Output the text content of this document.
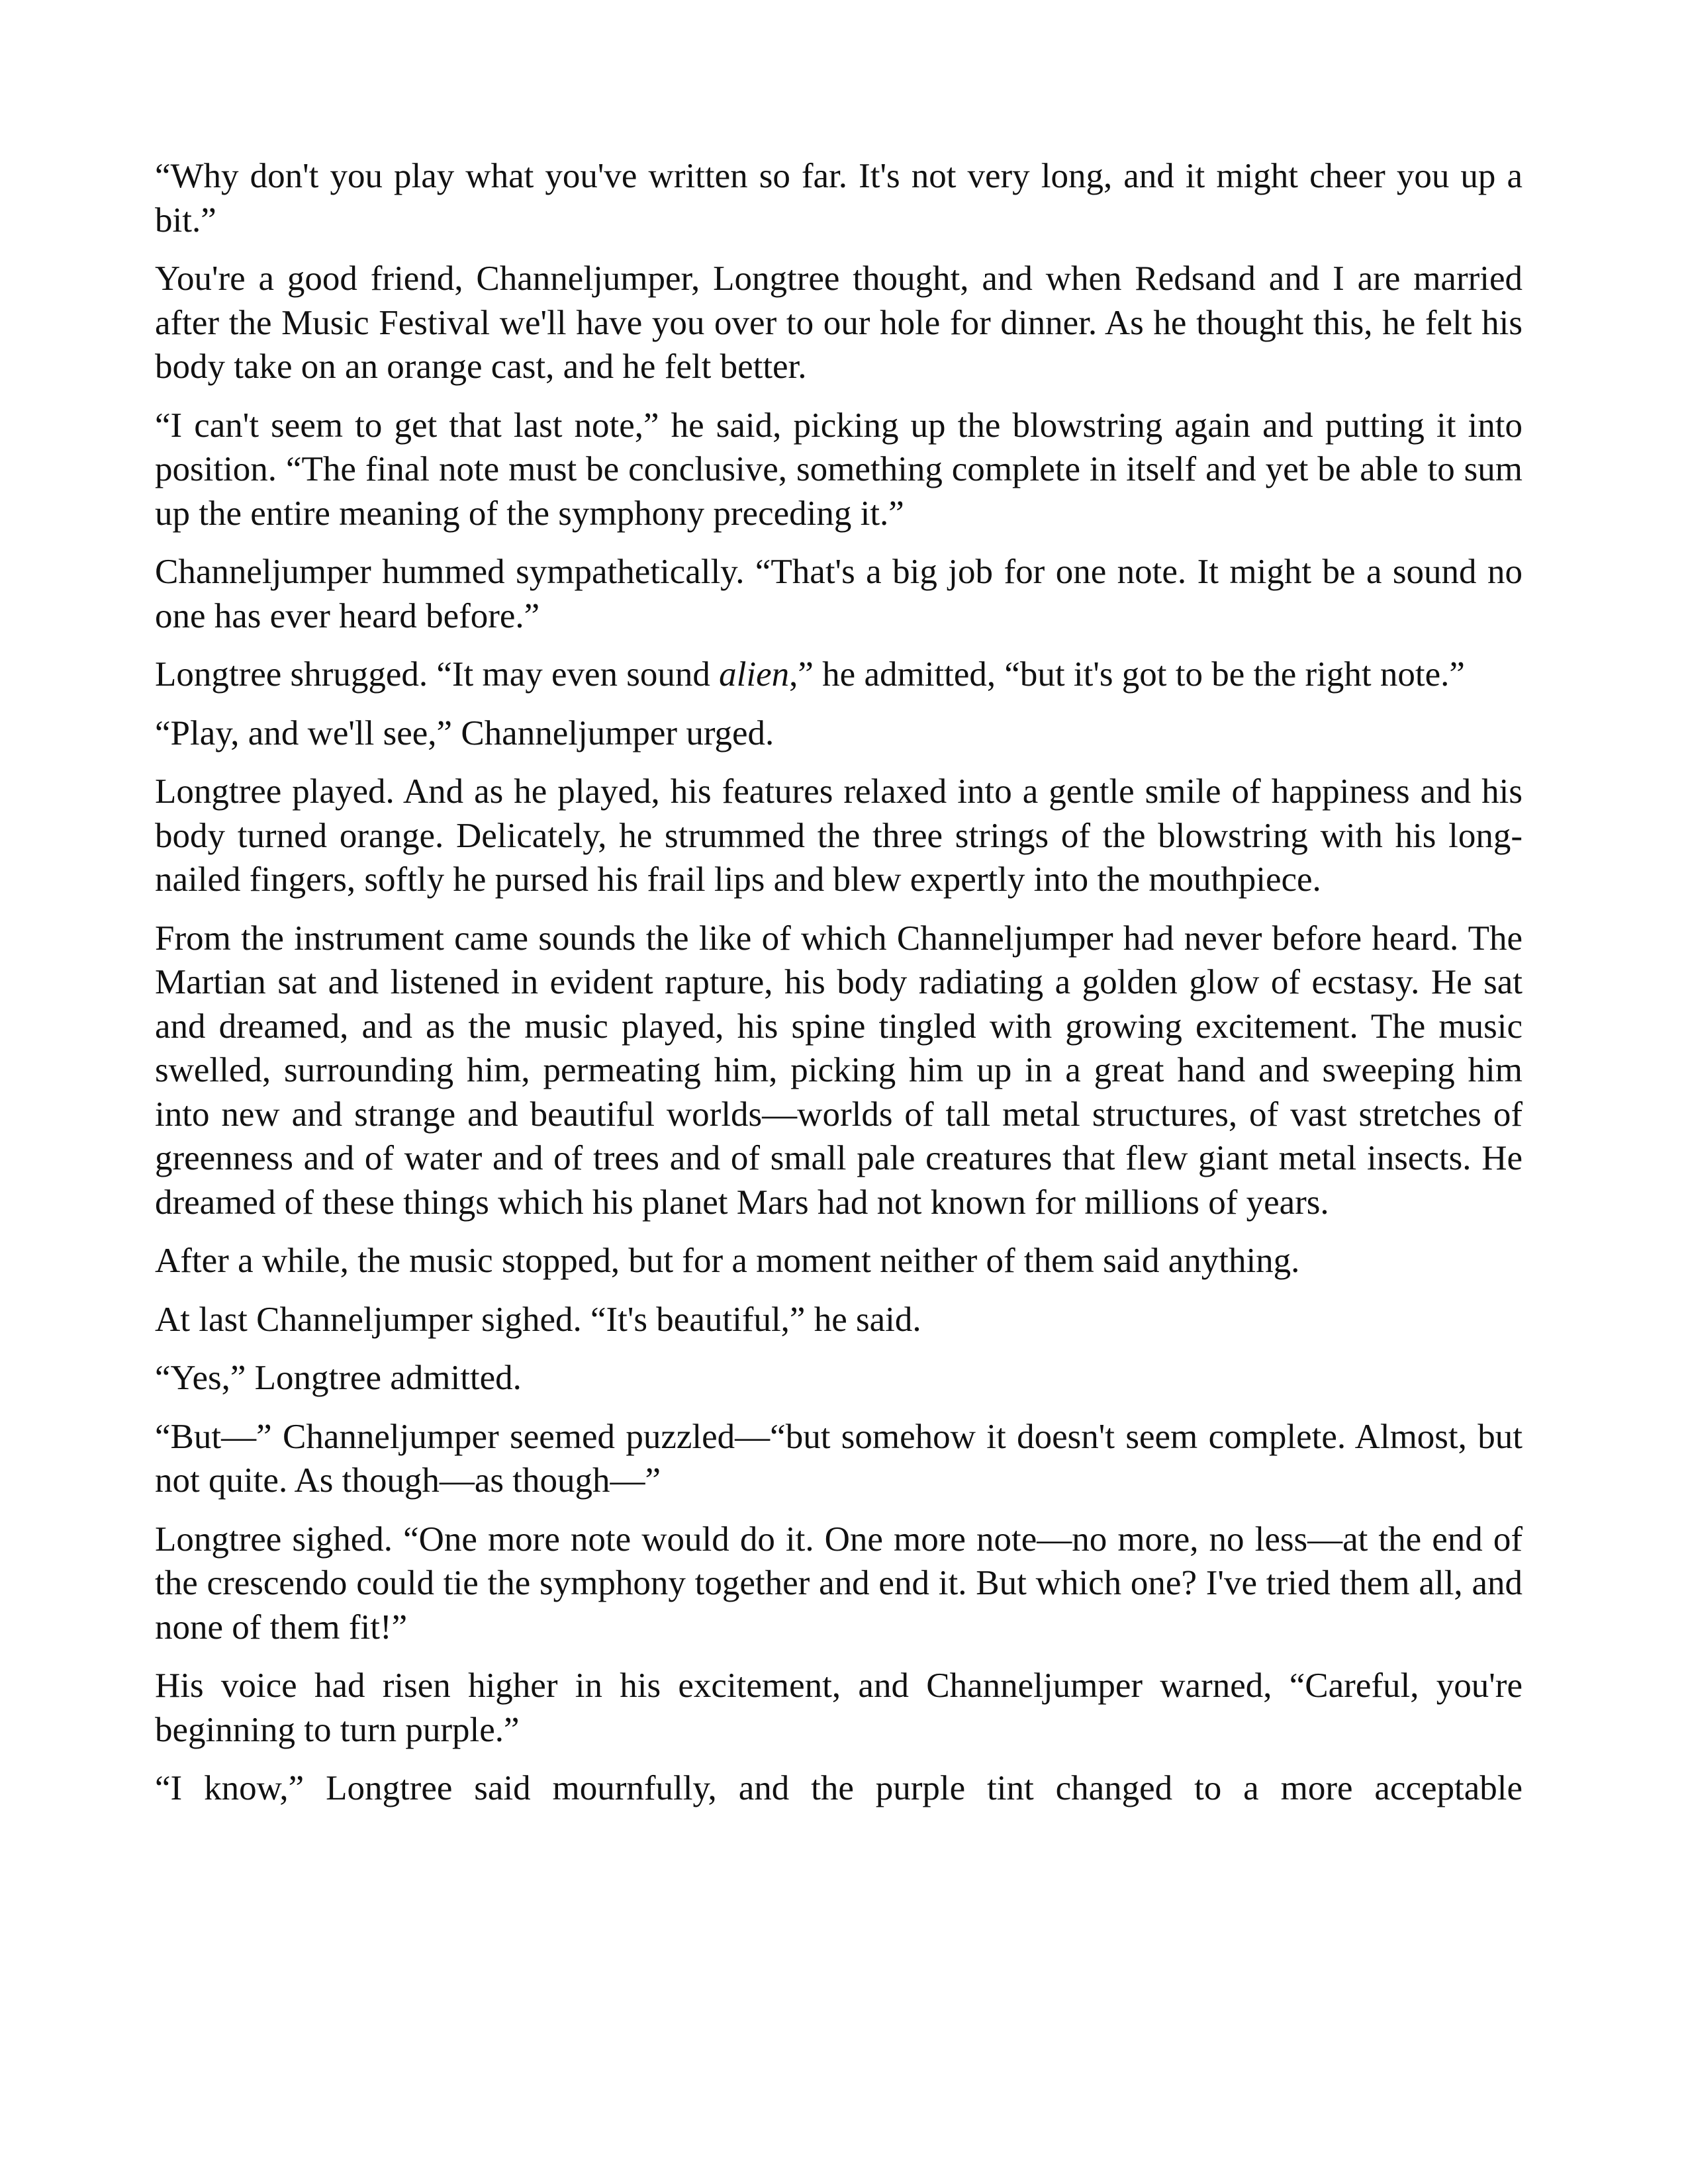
“Why don't you play what you've written so far. It's not very long, and it might cheer you up a bit.”

You're a good friend, Channeljumper, Longtree thought, and when Redsand and I are married after the Music Festival we'll have you over to our hole for dinner. As he thought this, he felt his body take on an orange cast, and he felt better.

“I can't seem to get that last note,” he said, picking up the blowstring again and putting it into position. “The final note must be conclusive, something complete in itself and yet be able to sum up the entire meaning of the symphony preceding it.”

Channeljumper hummed sympathetically. “That's a big job for one note. It might be a sound no one has ever heard before.”

Longtree shrugged. “It may even sound alien,” he admitted, “but it's got to be the right note.”

“Play, and we'll see,” Channeljumper urged.

Longtree played. And as he played, his features relaxed into a gentle smile of happiness and his body turned orange. Delicately, he strummed the three strings of the blowstring with his long-nailed fingers, softly he pursed his frail lips and blew expertly into the mouthpiece.

From the instrument came sounds the like of which Channeljumper had never before heard. The Martian sat and listened in evident rapture, his body radiating a golden glow of ecstasy. He sat and dreamed, and as the music played, his spine tingled with growing excitement. The music swelled, surrounding him, permeating him, picking him up in a great hand and sweeping him into new and strange and beautiful worlds—worlds of tall metal structures, of vast stretches of greenness and of water and of trees and of small pale creatures that flew giant metal insects. He dreamed of these things which his planet Mars had not known for millions of years.

After a while, the music stopped, but for a moment neither of them said anything.

At last Channeljumper sighed. “It's beautiful,” he said.

“Yes,” Longtree admitted.

“But—” Channeljumper seemed puzzled—“but somehow it doesn't seem complete. Almost, but not quite. As though—as though—”

Longtree sighed. “One more note would do it. One more note—no more, no less—at the end of the crescendo could tie the symphony together and end it. But which one? I've tried them all, and none of them fit!”

His voice had risen higher in his excitement, and Channeljumper warned, “Careful, you're beginning to turn purple.”

“I know,” Longtree said mournfully, and the purple tint changed to a more acceptable
